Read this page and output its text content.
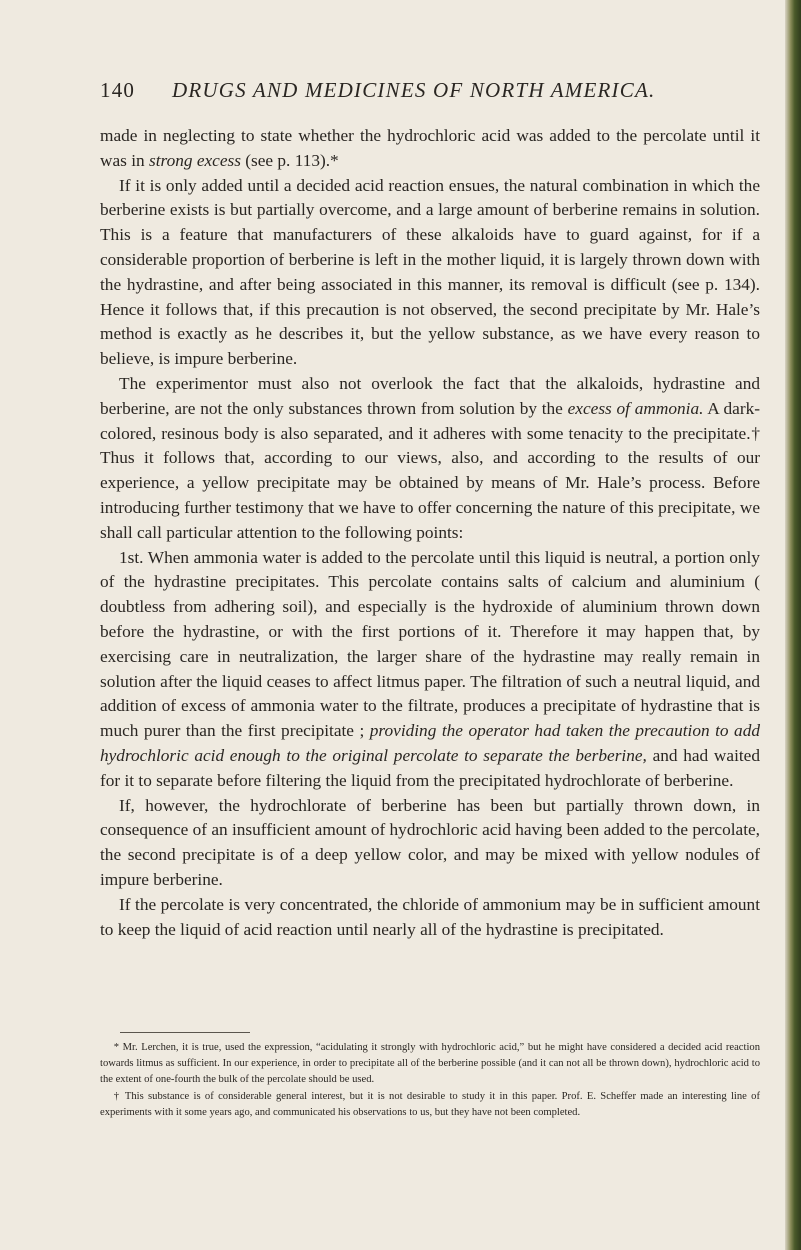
140 DRUGS AND MEDICINES OF NORTH AMERICA.

made in neglecting to state whether the hydrochloric acid was added to the percolate until it was in strong excess (see p. 113).*

If it is only added until a decided acid reaction ensues, the natural combination in which the berberine exists is but partially overcome, and a large amount of berberine remains in solution. This is a feature that manufacturers of these alkaloids have to guard against, for if a considerable proportion of berberine is left in the mother liquid, it is largely thrown down with the hydrastine, and after being associated in this manner, its removal is difficult (see p. 134). Hence it follows that, if this precaution is not observed, the second precipitate by Mr. Hale’s method is exactly as he describes it, but the yellow substance, as we have every reason to believe, is impure berberine.

The experimentor must also not overlook the fact that the alkaloids, hydrastine and berberine, are not the only substances thrown from solution by the excess of ammonia. A dark-colored, resinous body is also separated, and it adheres with some tenacity to the precipitate.† Thus it follows that, according to our views, also, and according to the results of our experience, a yellow precipitate may be obtained by means of Mr. Hale’s process. Before introducing further testimony that we have to offer concerning the nature of this precipitate, we shall call particular attention to the following points:

1st. When ammonia water is added to the percolate until this liquid is neutral, a portion only of the hydrastine precipitates. This percolate contains salts of calcium and aluminium ( doubtless from adhering soil), and especially is the hydroxide of aluminium thrown down before the hydrastine, or with the first portions of it. Therefore it may happen that, by exercising care in neutralization, the larger share of the hydrastine may really remain in solution after the liquid ceases to affect litmus paper. The filtration of such a neutral liquid, and addition of excess of ammonia water to the filtrate, produces a precipitate of hydrastine that is much purer than the first precipitate ; providing the operator had taken the precaution to add hydrochloric acid enough to the original percolate to separate the berberine, and had waited for it to separate before filtering the liquid from the precipitated hydrochlorate of berberine.

If, however, the hydrochlorate of berberine has been but partially thrown down, in consequence of an insufficient amount of hydrochloric acid having been added to the percolate, the second precipitate is of a deep yellow color, and may be mixed with yellow nodules of impure berberine.

If the percolate is very concentrated, the chloride of ammonium may be in sufficient amount to keep the liquid of acid reaction until nearly all of the hydrastine is precipitated.

* Mr. Lerchen, it is true, used the expression, “acidulating it strongly with hydrochloric acid,” but he might have considered a decided acid reaction towards litmus as sufficient. In our experience, in order to precipitate all of the berberine possible (and it can not all be thrown down), hydrochloric acid to the extent of one-fourth the bulk of the percolate should be used.

† This substance is of considerable general interest, but it is not desirable to study it in this paper. Prof. E. Scheffer made an interesting line of experiments with it some years ago, and communicated his observations to us, but they have not been completed.
